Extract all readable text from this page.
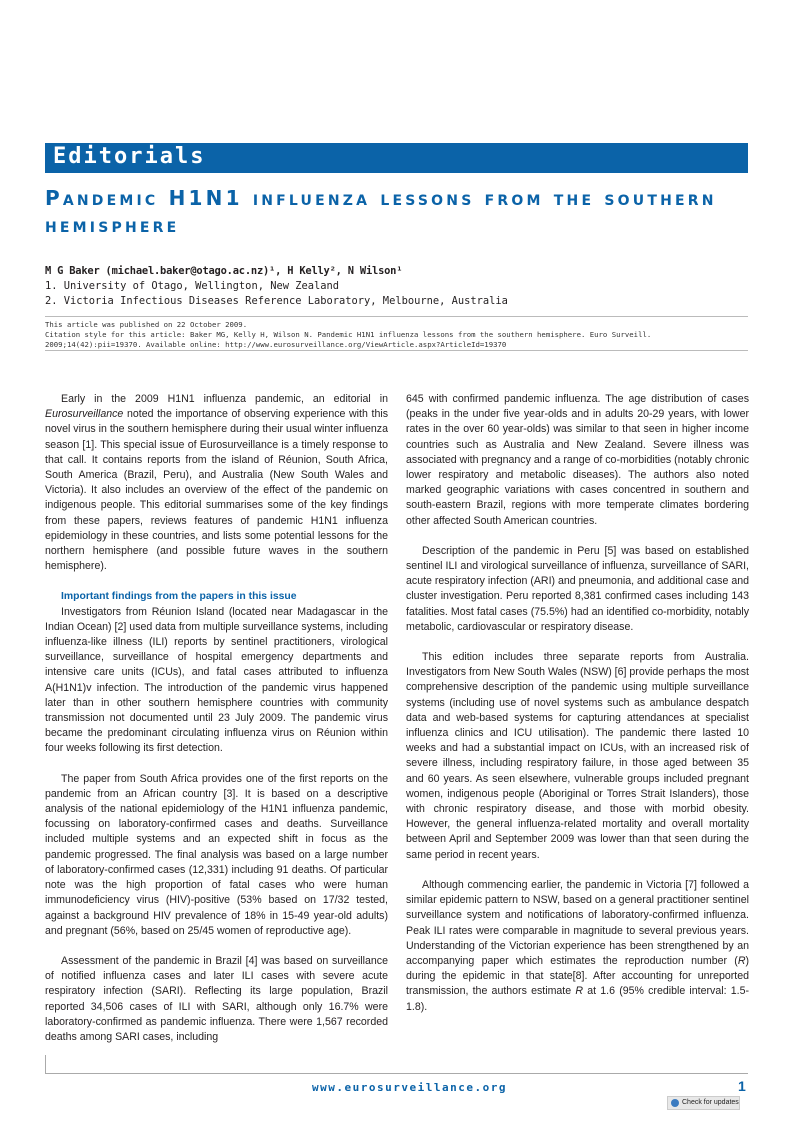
Editorials
Pandemic H1N1 influenza lessons from the southern hemisphere
M G Baker (michael.baker@otago.ac.nz)¹, H Kelly², N Wilson¹
1. University of Otago, Wellington, New Zealand
2. Victoria Infectious Diseases Reference Laboratory, Melbourne, Australia
This article was published on 22 October 2009.
Citation style for this article: Baker MG, Kelly H, Wilson N. Pandemic H1N1 influenza lessons from the southern hemisphere. Euro Surveill. 2009;14(42):pii=19370. Available online: http://www.eurosurveillance.org/ViewArticle.aspx?ArticleId=19370

Early in the 2009 H1N1 influenza pandemic, an editorial in Eurosurveillance noted the importance of observing experience with this novel virus in the southern hemisphere during their usual winter influenza season [1]. This special issue of Eurosurveillance is a timely response to that call. It contains reports from the island of Réunion, South Africa, South America (Brazil, Peru), and Australia (New South Wales and Victoria). It also includes an overview of the effect of the pandemic on indigenous people. This editorial summarises some of the key findings from these papers, reviews features of pandemic H1N1 influenza epidemiology in these countries, and lists some potential lessons for the northern hemisphere (and possible future waves in the southern hemisphere).

Important findings from the papers in this issue

Investigators from Réunion Island (located near Madagascar in the Indian Ocean) [2] used data from multiple surveillance systems, including influenza-like illness (ILI) reports by sentinel practitioners, virological surveillance, surveillance of hospital emergency departments and intensive care units (ICUs), and fatal cases attributed to influenza A(H1N1)v infection. The introduction of the pandemic virus happened later than in other southern hemisphere countries with community transmission not documented until 23 July 2009. The pandemic virus became the predominant circulating influenza virus on Réunion within four weeks following its first detection.

The paper from South Africa provides one of the first reports on the pandemic from an African country [3]. It is based on a descriptive analysis of the national epidemiology of the H1N1 influenza pandemic, focussing on laboratory-confirmed cases and deaths. Surveillance included multiple systems and an expected shift in focus as the pandemic progressed. The final analysis was based on a large number of laboratory-confirmed cases (12,331) including 91 deaths. Of particular note was the high proportion of fatal cases who were human immunodeficiency virus (HIV)-positive (53% based on 17/32 tested, against a background HIV prevalence of 18% in 15-49 year-old adults) and pregnant (56%, based on 25/45 women of reproductive age).

Assessment of the pandemic in Brazil [4] was based on surveillance of notified influenza cases and later ILI cases with severe acute respiratory infection (SARI). Reflecting its large population, Brazil reported 34,506 cases of ILI with SARI, although only 16.7% were laboratory-confirmed as pandemic influenza. There were 1,567 recorded deaths among SARI cases, including

645 with confirmed pandemic influenza. The age distribution of cases (peaks in the under five year-olds and in adults 20-29 years, with lower rates in the over 60 year-olds) was similar to that seen in higher income countries such as Australia and New Zealand. Severe illness was associated with pregnancy and a range of co-morbidities (notably chronic lower respiratory and metabolic diseases). The authors also noted marked geographic variations with cases concentred in southern and south-eastern Brazil, regions with more temperate climates bordering other affected South American countries.

Description of the pandemic in Peru [5] was based on established sentinel ILI and virological surveillance of influenza, surveillance of SARI, acute respiratory infection (ARI) and pneumonia, and additional case and cluster investigation. Peru reported 8,381 confirmed cases including 143 fatalities. Most fatal cases (75.5%) had an identified co-morbidity, notably metabolic, cardiovascular or respiratory disease.

This edition includes three separate reports from Australia. Investigators from New South Wales (NSW) [6] provide perhaps the most comprehensive description of the pandemic using multiple surveillance systems (including use of novel systems such as ambulance despatch data and web-based systems for capturing attendances at specialist influenza clinics and ICU utilisation). The pandemic there lasted 10 weeks and had a substantial impact on ICUs, with an increased risk of severe illness, including respiratory failure, in those aged between 35 and 60 years. As seen elsewhere, vulnerable groups included pregnant women, indigenous people (Aboriginal or Torres Strait Islanders), those with chronic respiratory disease, and those with morbid obesity. However, the general influenza-related mortality and overall mortality between April and September 2009 was lower than that seen during the same period in recent years.

Although commencing earlier, the pandemic in Victoria [7] followed a similar epidemic pattern to NSW, based on a general practitioner sentinel surveillance system and notifications of laboratory-confirmed influenza. Peak ILI rates were comparable in magnitude to several previous years. Understanding of the Victorian experience has been strengthened by an accompanying paper which estimates the reproduction number (R) during the epidemic in that state[8]. After accounting for unreported transmission, the authors estimate R at 1.6 (95% credible interval: 1.5-1.8).

www.eurosurveillance.org	1
Check for updates
